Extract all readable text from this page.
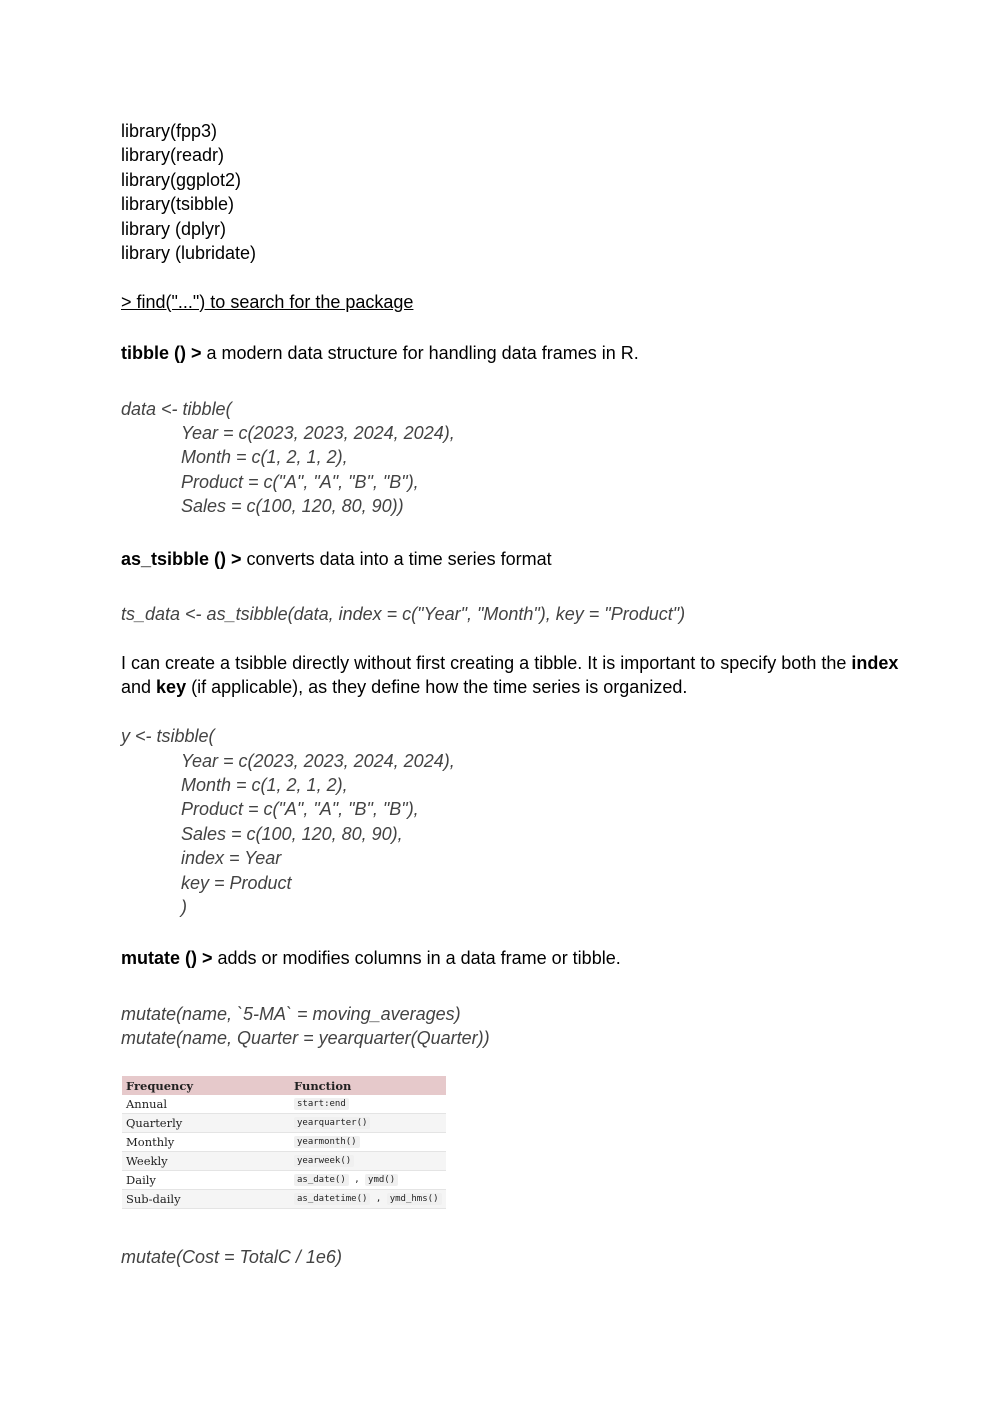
library(fpp3)
library(readr)
library(ggplot2)
library(tsibble)
library (dplyr)
library (lubridate)

> find("...") to search for the package

tibble () > a modern data structure for handling data frames in R.

data <- tibble(
Year = c(2023, 2023, 2024, 2024),
Month = c(1, 2, 1, 2),
Product = c("A", "A", "B", "B"),
Sales = c(100, 120, 80, 90))

as_tsibble () > converts data into a time series format

ts_data <- as_tsibble(data, index = c("Year", "Month"), key = "Product")

I can create a tsibble directly without first creating a tibble. It is important to specify both the index and key (if applicable), as they define how the time series is organized.

y <- tsibble(
Year = c(2023, 2023, 2024, 2024),
Month = c(1, 2, 1, 2),
Product = c("A", "A", "B", "B"),
Sales = c(100, 120, 80, 90),
index = Year
key = Product
)

mutate () > adds or modifies columns in a data frame or tibble.

mutate(name, `5-MA` = moving_averages)
mutate(name, Quarter = yearquarter(Quarter))
Frequency	Function
Annual	start:end
Quarterly	yearquarter()
Monthly	yearmonth()
Weekly	yearweek()
Daily	as_date() , ymd()
Sub-daily	as_datetime() , ymd_hms()
mutate(Cost = TotalC / 1e6)
